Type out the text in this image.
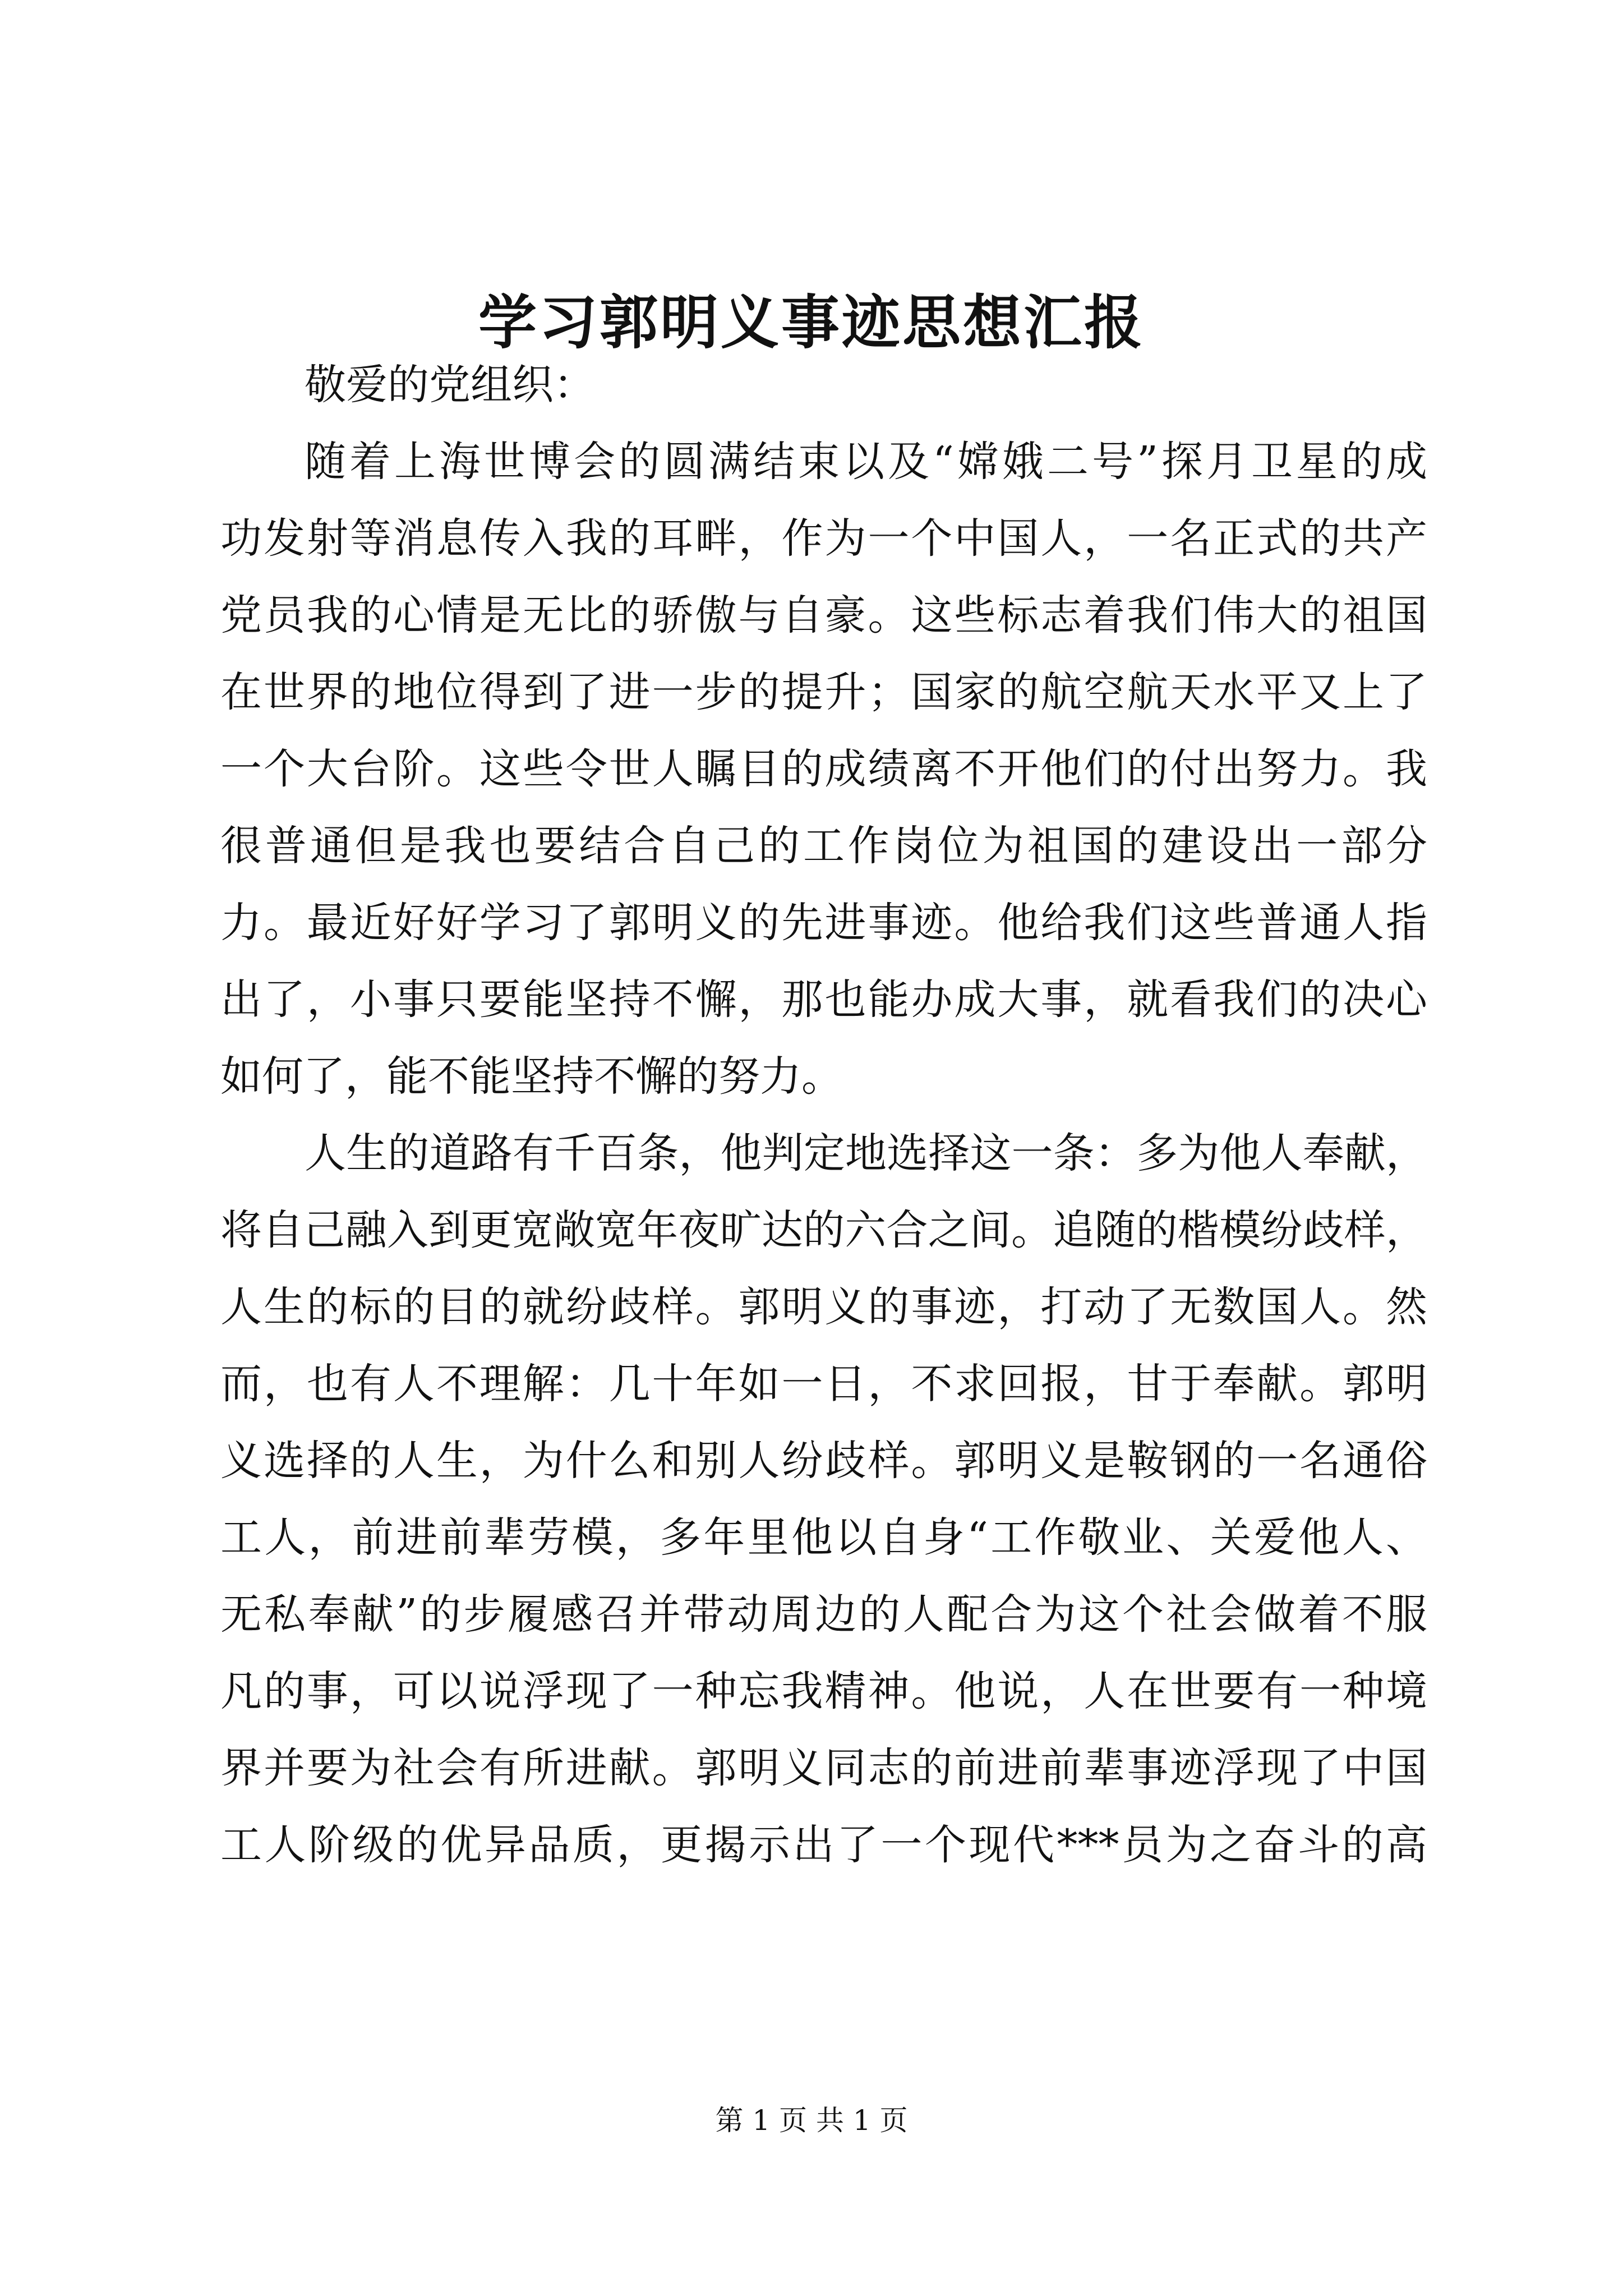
学习郭明义事迹思想汇报
敬爱的党组织：
随着上海世博会的圆满结束以及“嫦娥二号”探月卫星的成
功发射等消息传入我的耳畔，作为一个中国人，一名正式的共产
党员我的心情是无比的骄傲与自豪。这些标志着我们伟大的祖国
在世界的地位得到了进一步的提升；国家的航空航天水平又上了
一个大台阶。这些令世人瞩目的成绩离不开他们的付出努力。我
很普通但是我也要结合自己的工作岗位为祖国的建设出一部分
力。最近好好学习了郭明义的先进事迹。他给我们这些普通人指
出了，小事只要能坚持不懈，那也能办成大事，就看我们的决心
如何了，能不能坚持不懈的努力。
人生的道路有千百条，他判定地选择这一条：多为他人奉献，
将自己融入到更宽敞宽年夜旷达的六合之间。追随的楷模纷歧样，
人生的标的目的就纷歧样。郭明义的事迹，打动了无数国人。然
而，也有人不理解：几十年如一日，不求回报，甘于奉献。郭明
义选择的人生，为什么和别人纷歧样。郭明义是鞍钢的一名通俗
工人，前进前辈劳模，多年里他以自身“工作敬业、关爱他人、
无私奉献”的步履感召并带动周边的人配合为这个社会做着不服
凡的事，可以说浮现了一种忘我精神。他说，人在世要有一种境
界并要为社会有所进献。郭明义同志的前进前辈事迹浮现了中国
工人阶级的优异品质，更揭示出了一个现代***员为之奋斗的高
第 1 页 共 1 页
